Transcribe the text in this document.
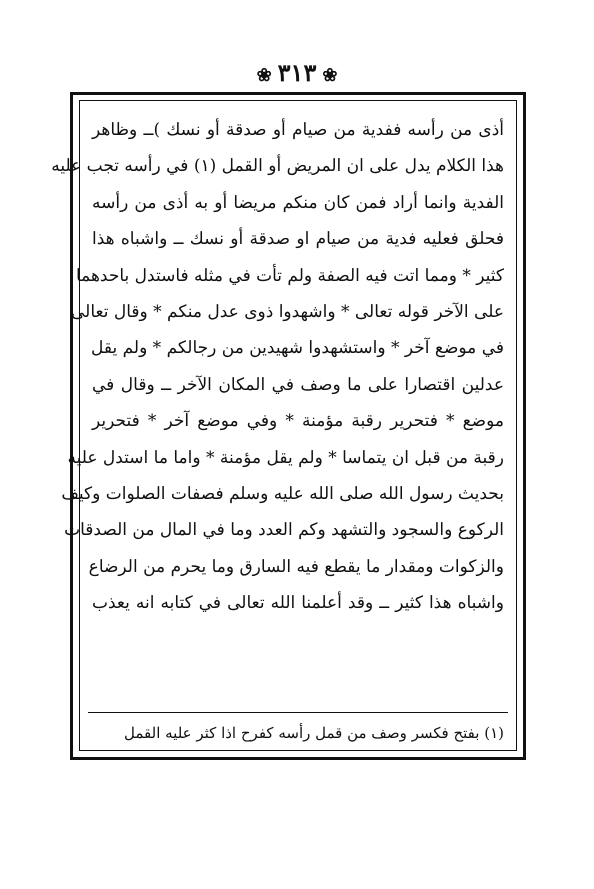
❀٣١٣❀
أذى من رأسه ففدية من صيام أو صدقة أو نسك )ــ وظاهر
هذا الكلام يدل على ان المريض أو القمل (١) في رأسه تجب عليه
الفدية وانما أراد فمن كان منكم مريضا أو به أذى من رأسه
فحلق فعليه فدية من صيام او صدقة أو نسك ــ واشباه هذا
كثير * ومما اتت فيه الصفة ولم تأت في مثله فاستدل باحدهما
على الآخر قوله تعالى * واشهدوا ذوى عدل منكم * وقال تعالى
في موضع آخر * واستشهدوا شهيدين من رجالكم * ولم يقل
عدلين اقتصارا على ما وصف في المكان الآخر ــ وقال في
موضع * فتحرير رقبة مؤمنة * وفي موضع آخر * فتحرير
رقبة من قبل ان يتماسا * ولم يقل مؤمنة * واما ما استدل عليه
بحديث رسول الله صلى الله عليه وسلم فصفات الصلوات وكيف
الركوع والسجود والتشهد وكم العدد وما في المال من الصدقات
والزكوات ومقدار ما يقطع فيه السارق وما يحرم من الرضاع
واشباه هذا كثير ــ وقد أعلمنا الله تعالى في كتابه انه يعذب
(١) بفتح فكسر وصف من قمل رأسه كفرح اذا كثر عليه القمل
